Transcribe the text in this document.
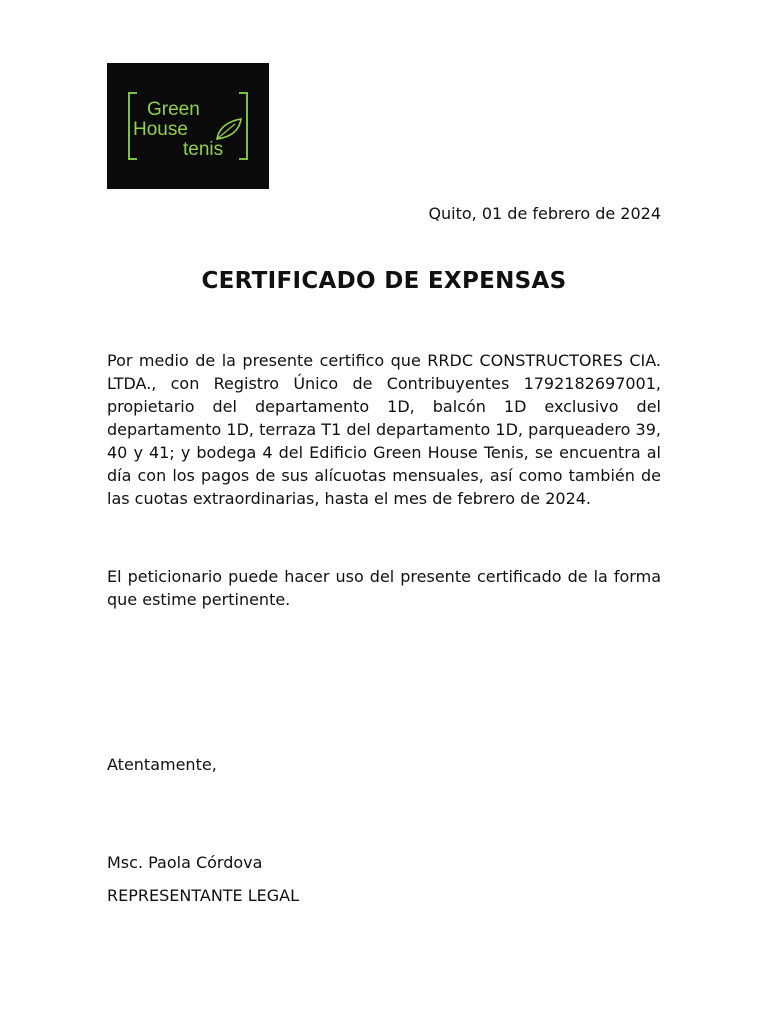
Green
House
tenis
Quito, 01 de febrero de 2024
CERTIFICADO DE EXPENSAS

Por medio de la presente certifico que RRDC CONSTRUCTORES CIA. LTDA., con Registro Único de Contribuyentes 1792182697001, propietario del departamento 1D, balcón 1D exclusivo del departamento 1D, terraza T1 del departamento 1D, parqueadero 39, 40 y 41; y bodega 4 del Edificio Green House Tenis, se encuentra al día con los pagos de sus alícuotas mensuales, así como también de las cuotas extraordinarias, hasta el mes de febrero de 2024.

El peticionario puede hacer uso del presente certificado de la forma que estime pertinente.

Atentamente,
Msc. Paola Córdova
REPRESENTANTE LEGAL
